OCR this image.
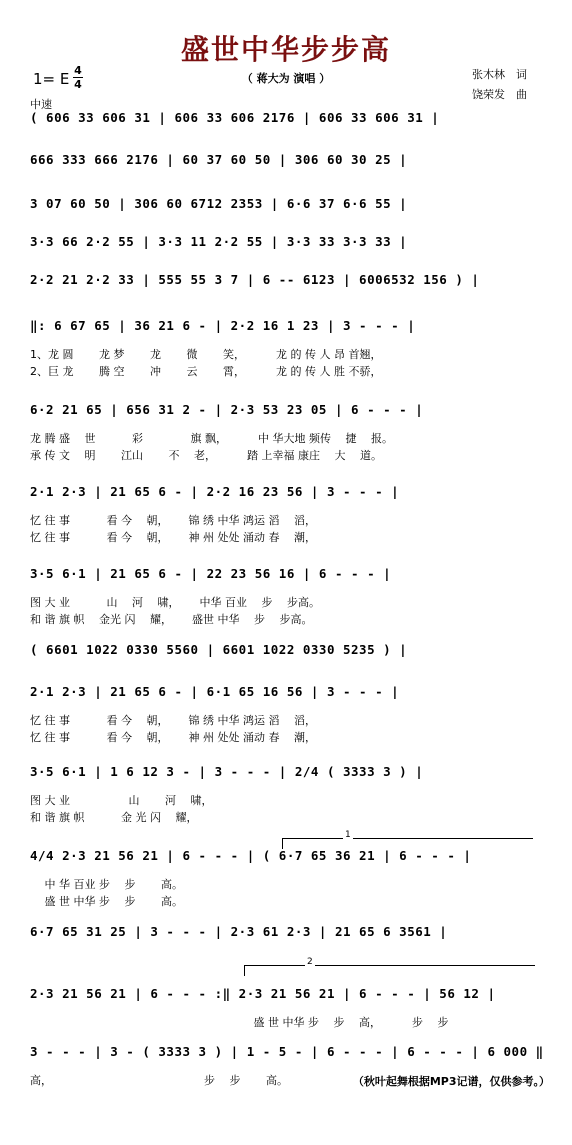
盛世中华步步高
（ 蒋大为 演唱 ）	张木林　词
饶荣发　曲
1= E 4
4
中速
( 606 33 606 31 | 606 33 606 2176 | 606 33 606 31 |
666 333 666 2176 | 60 37 60 50 | 306 60 30 25 |
3 07 60 50 | 306 60 6712 2353 | 6·6 37 6·6 55 |
3·3 66 2·2 55 | 3·3 11 2·2 55 | 3·3 33 3·3 33 |
2·2 21 2·2 33 | 555 55 3 7 | 6 -- 6123 | 6006532 156 ) |
‖: 6 67 65 | 36 21 6 - | 2·2 16 1 23 | 3 - - - |
1、龙 圆　　 龙 梦　　 龙　　 微　　 笑，　　　 龙 的 传 人 昂 首翘，
2、巨 龙　　 腾 空　　 冲　　 云　　 霄，　　　 龙 的 传 人 胜 不骄，
6·2 21 65 | 656 31 2 - | 2·3 53 23 05 | 6 - - - |
龙 腾 盛　 世　　　 彩　　　　 旗 飘，　　　 中 华大地 频传　 捷　 报。
承 传 文　 明　　 江山　　 不　 老，　　　 踏 上幸福 康庄　 大　 道。
2·1 2·3 | 21 65 6 - | 2·2 16 23 56 | 3 - - - |
忆 往 事　　　 看 今　 朝，　　 锦 绣 中华 鸿运 滔　 滔，
忆 往 事　　　 看 今　 朝，　　 神 州 处处 涌动 春　 潮，
3·5 6·1 | 21 65 6 - | 22 23 56 16 | 6 - - - |
图 大 业　　　 山　 河　 啸，　　 中华 百业　 步　 步高。
和 谐 旗 帜　 金光 闪　 耀，　　 盛世 中华　 步　 步高。
( 6601 1022 0330 5560 | 6601 1022 0330 5235 ) |
2·1 2·3 | 21 65 6 - | 6·1 65 16 56 | 3 - - - |
忆 往 事　　　 看 今　 朝，　　 锦 绣 中华 鸿运 滔　 滔，
忆 往 事　　　 看 今　 朝，　　 神 州 处处 涌动 春　 潮，
3·5 6·1 | 1 6 12 3 - | 3 - - - | 2/4 ( 3333 3 ) |
图 大 业　　　　　 山　　 河　 啸，
和 谐 旗 帜　　　 金 光 闪　 耀，
4/4 2·3 21 56 21 | 6 - - - | ( 6·7 65 36 21 | 6 - - - |
　 中 华 百业 步　 步　　 高。
　 盛 世 中华 步　 步　　 高。
6·7 65 31 25 | 3 - - - | 2·3 61 2·3 | 21 65 6 3561 |
2·3 21 56 21 | 6 - - - :‖ 2·3 21 56 21 | 6 - - - | 56 12 |
　　　　　　　　　　　　　　　　　　　　 盛 世 中华 步　 步　 高，　　　 步　 步
3 - - - | 3 - ( 3333 3 ) | 1 - 5 - | 6 - - - | 6 - - - | 6 000 ‖
高，　　　　　　　　　　　　　　 步　 步　　 高。
1
2
（秋叶起舞根据MP3记谱，仅供参考。）
